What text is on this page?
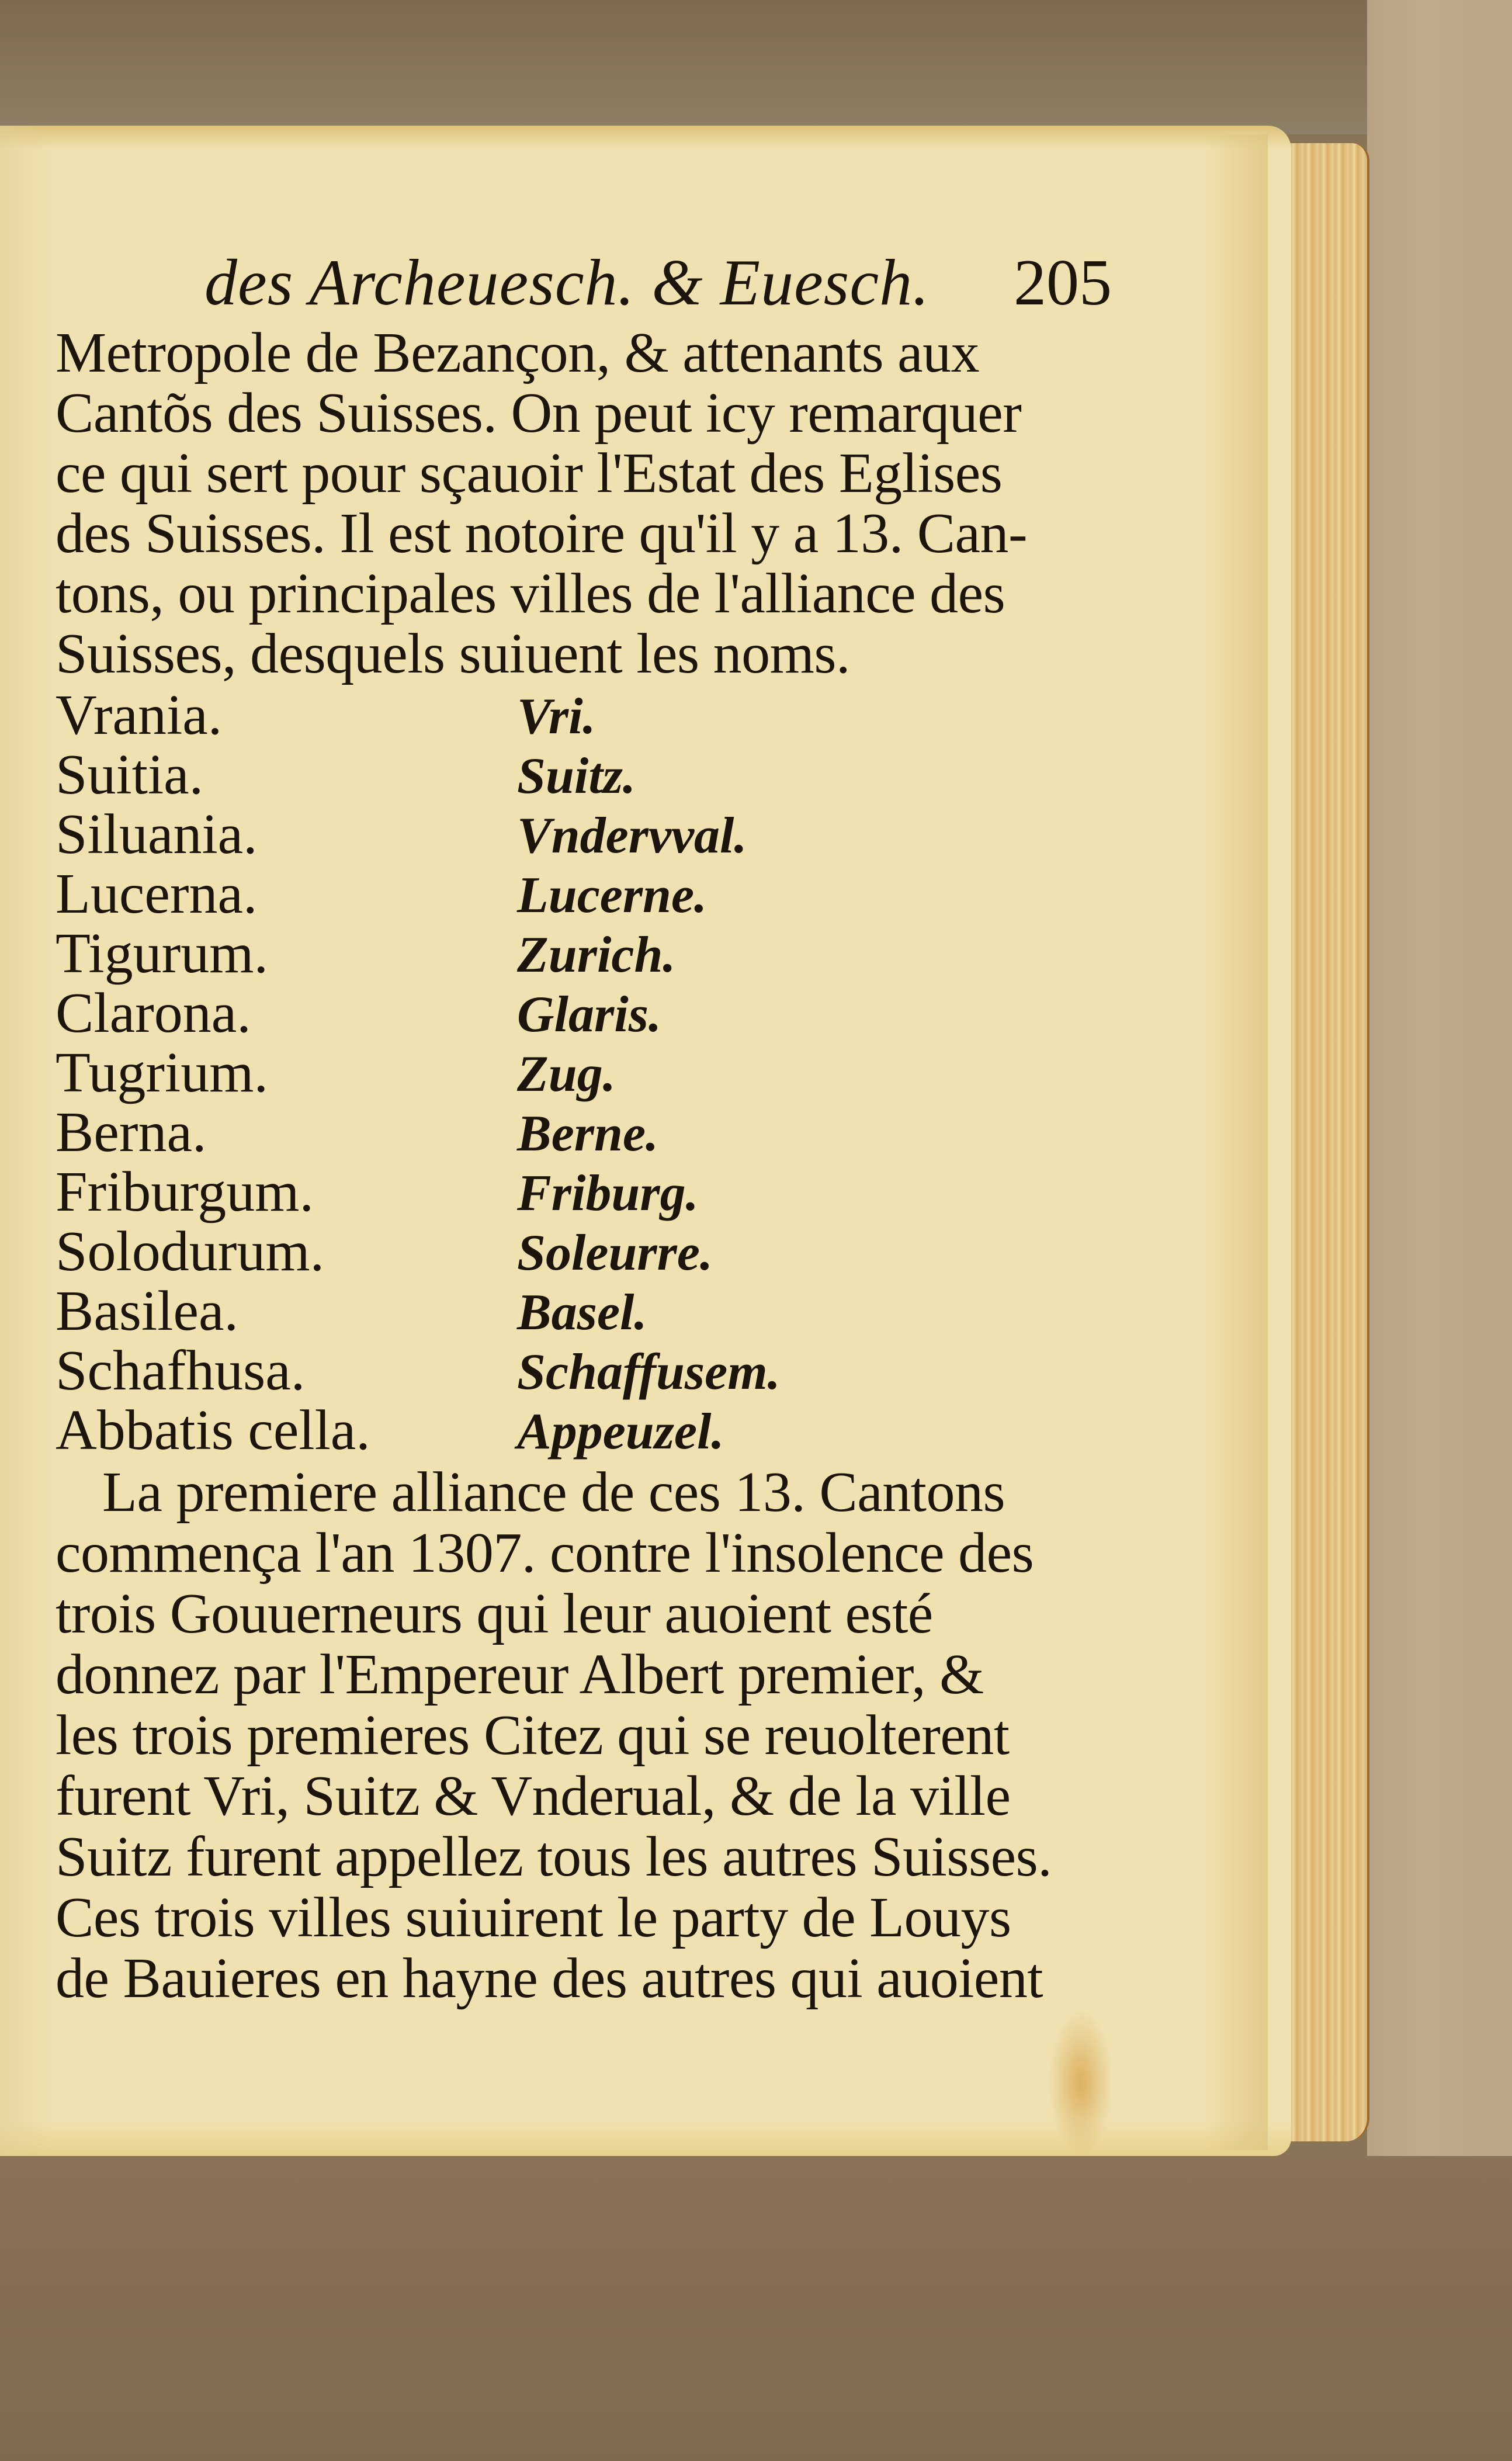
des Archeuesch. & Euesch. 205
Metropole de Bezançon, & attenants aux
Cantõs des Suisses. On peut icy remarquer
ce qui sert pour sçauoir l'Estat des Eglises
des Suisses. Il est notoire qu'il y a 13. Can-
tons, ou principales villes de l'alliance des
Suisses, desquels suiuent les noms.
Vrania.	Vri.
Suitia.	Suitz.
Siluania.	Vndervval.
Lucerna.	Lucerne.
Tigurum.	Zurich.
Clarona.	Glaris.
Tugrium.	Zug.
Berna.	Berne.
Friburgum.	Friburg.
Solodurum.	Soleurre.
Basilea.	Basel.
Schafhusa.	Schaffusem.
Abbatis cella.	Appeuzel.
La premiere alliance de ces 13. Cantons
commença l'an 1307. contre l'insolence des
trois Gouuerneurs qui leur auoient esté
donnez par l'Empereur Albert premier, &
les trois premieres Citez qui se reuolterent
furent Vri, Suitz & Vnderual, & de la ville
Suitz furent appellez tous les autres Suisses.
Ces trois villes suiuirent le party de Louys
de Bauieres en hayne des autres qui auoient
